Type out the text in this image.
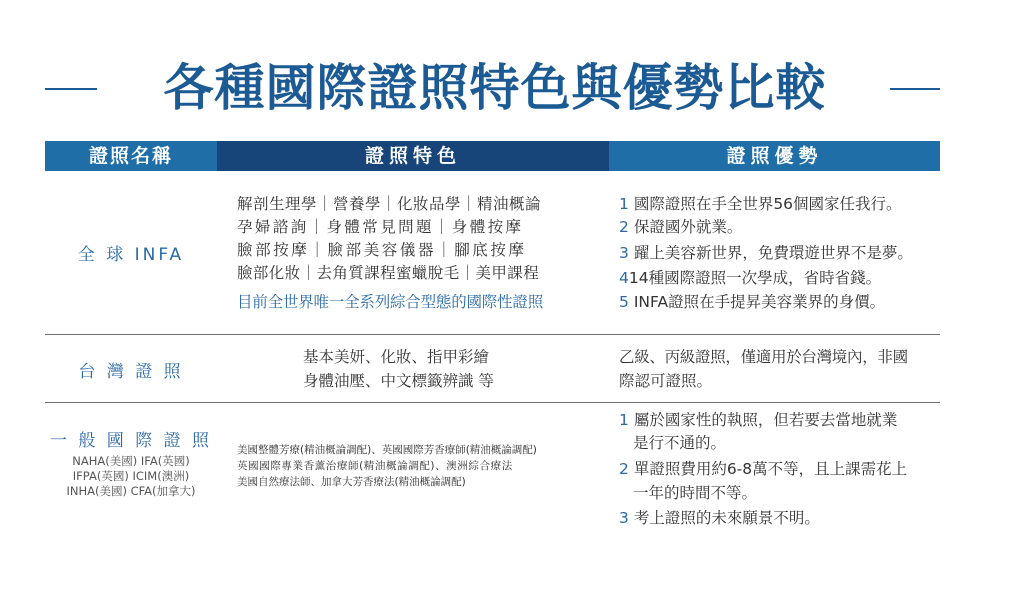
各種國際證照特色與優勢比較
證照名稱	證照特色	證照優勢
全 球 INFA
解剖生理學｜營養學｜化妝品學｜精油概論
孕婦諮詢｜身體常見問題｜身體按摩
臉部按摩｜臉部美容儀器｜腳底按摩
臉部化妝｜去角質課程蜜蠟脫毛｜美甲課程
目前全世界唯一全系列綜合型態的國際性證照
1 國際證照在手全世界56個國家任我行。
2 保證國外就業。
3 躍上美容新世界，免費環遊世界不是夢。
414種國際證照一次學成，省時省錢。
5 INFA證照在手提昇美容業界的身價。
台 灣 證 照
基本美妍、化妝、指甲彩繪
身體油壓、中文標籤辨識 等
乙級、丙級證照，僅適用於台灣境內，非國
際認可證照。
一 般 國 際 證 照
NAHA(美國) IFA(英國)
IFPA(英國) ICIM(澳洲)
INHA(美國) CFA(加拿大)
美國整體芳療(精油概論調配)、英國國際芳香療師(精油概論調配)
英國國際專業香薰治療師(精油概論調配)、澳洲綜合療法
美國自然療法師、加拿大芳香療法(精油概論調配)
1 屬於國家性的執照，但若要去當地就業
是行不通的。
2 單證照費用約6-8萬不等，且上課需花上
一年的時間不等。
3 考上證照的未來願景不明。
